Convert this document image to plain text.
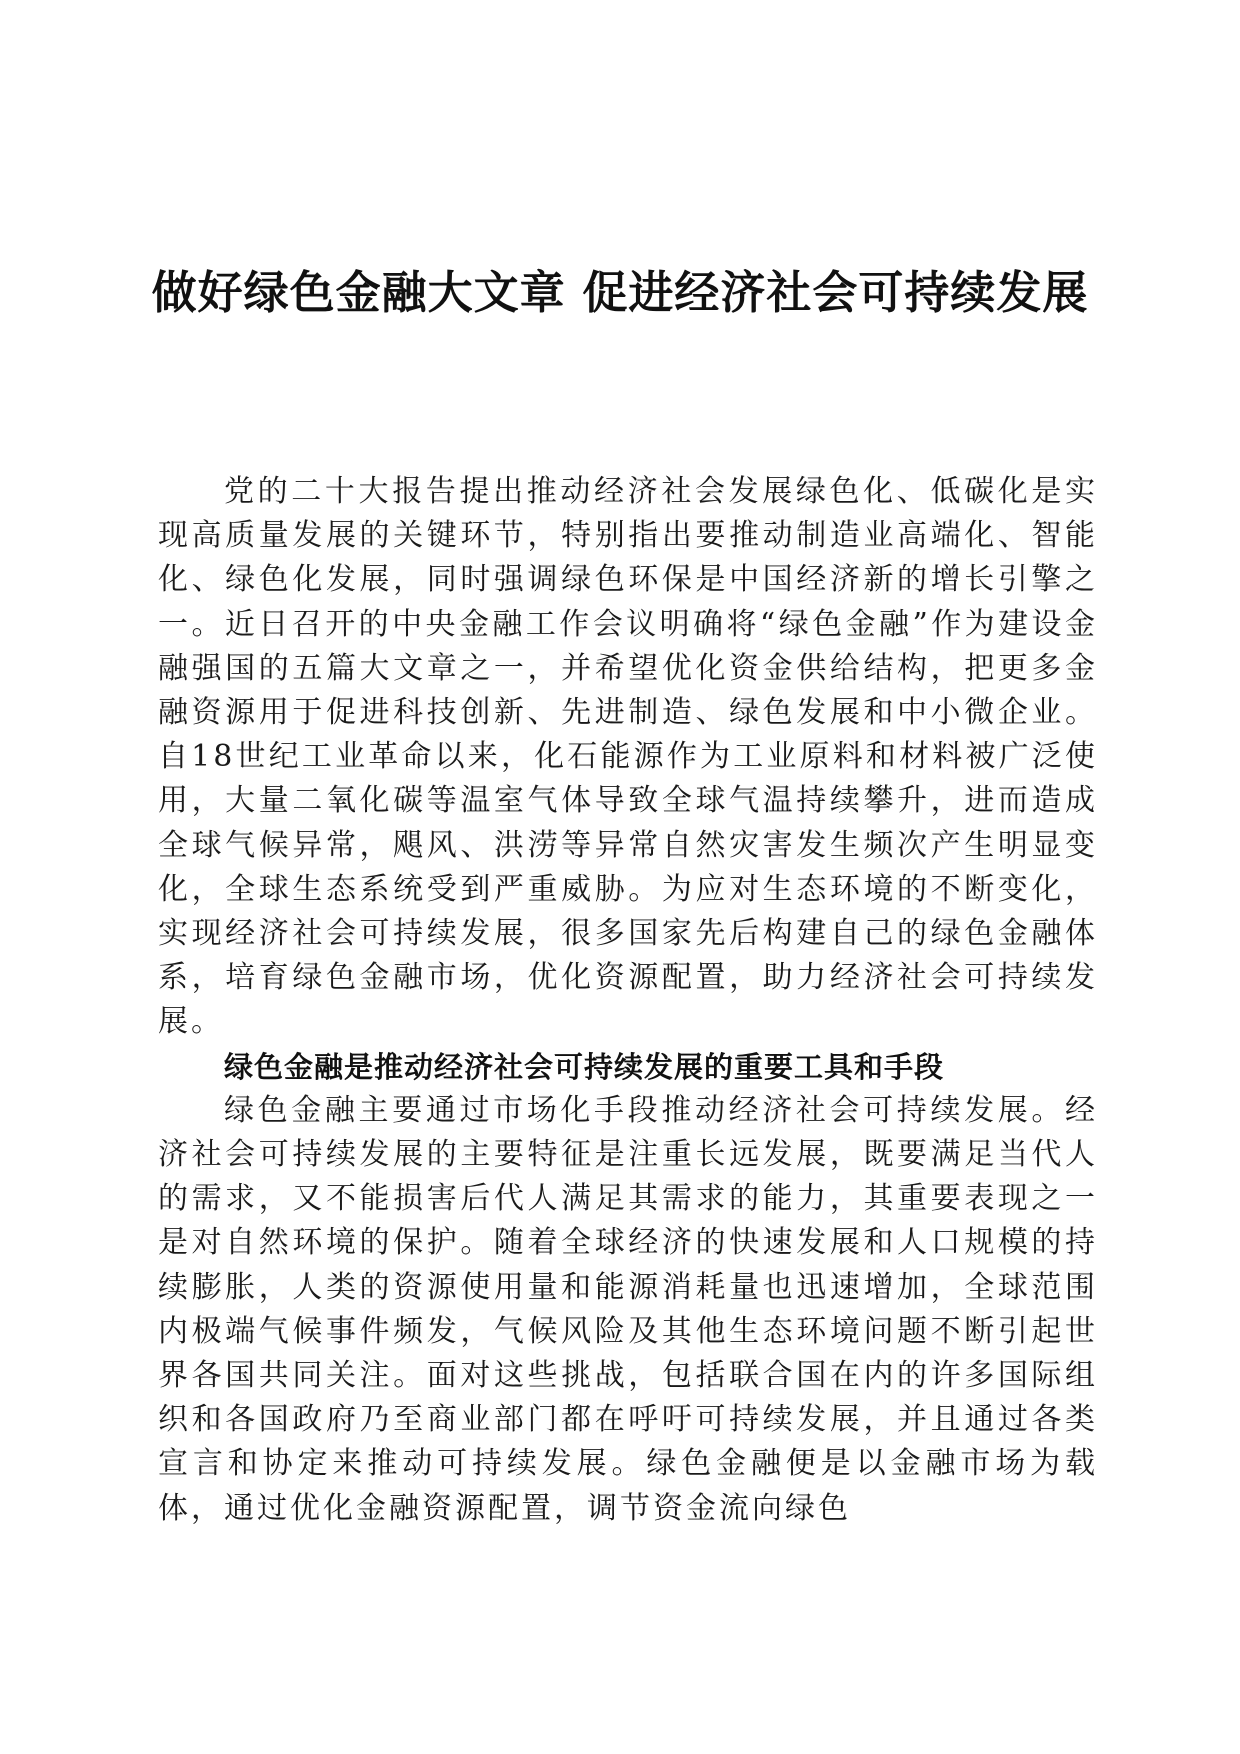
做好绿色金融大文章 促进经济社会可持续发展

党的二十大报告提出推动经济社会发展绿色化、低碳化是实现高质量发展的关键环节，特别指出要推动制造业高端化、智能化、绿色化发展，同时强调绿色环保是中国经济新的增长引擎之一。近日召开的中央金融工作会议明确将“绿色金融”作为建设金融强国的五篇大文章之一，并希望优化资金供给结构，把更多金融资源用于促进科技创新、先进制造、绿色发展和中小微企业。自18世纪工业革命以来，化石能源作为工业原料和材料被广泛使用，大量二氧化碳等温室气体导致全球气温持续攀升，进而造成全球气候异常，飓风、洪涝等异常自然灾害发生频次产生明显变化，全球生态系统受到严重威胁。为应对生态环境的不断变化，实现经济社会可持续发展，很多国家先后构建自己的绿色金融体系，培育绿色金融市场，优化资源配置，助力经济社会可持续发展。

绿色金融是推动经济社会可持续发展的重要工具和手段

绿色金融主要通过市场化手段推动经济社会可持续发展。经济社会可持续发展的主要特征是注重长远发展，既要满足当代人的需求，又不能损害后代人满足其需求的能力，其重要表现之一是对自然环境的保护。随着全球经济的快速发展和人口规模的持续膨胀，人类的资源使用量和能源消耗量也迅速增加，全球范围内极端气候事件频发，气候风险及其他生态环境问题不断引起世界各国共同关注。面对这些挑战，包括联合国在内的许多国际组织和各国政府乃至商业部门都在呼吁可持续发展，并且通过各类宣言和协定来推动可持续发展。绿色金融便是以金融市场为载体，通过优化金融资源配置，调节资金流向绿色
